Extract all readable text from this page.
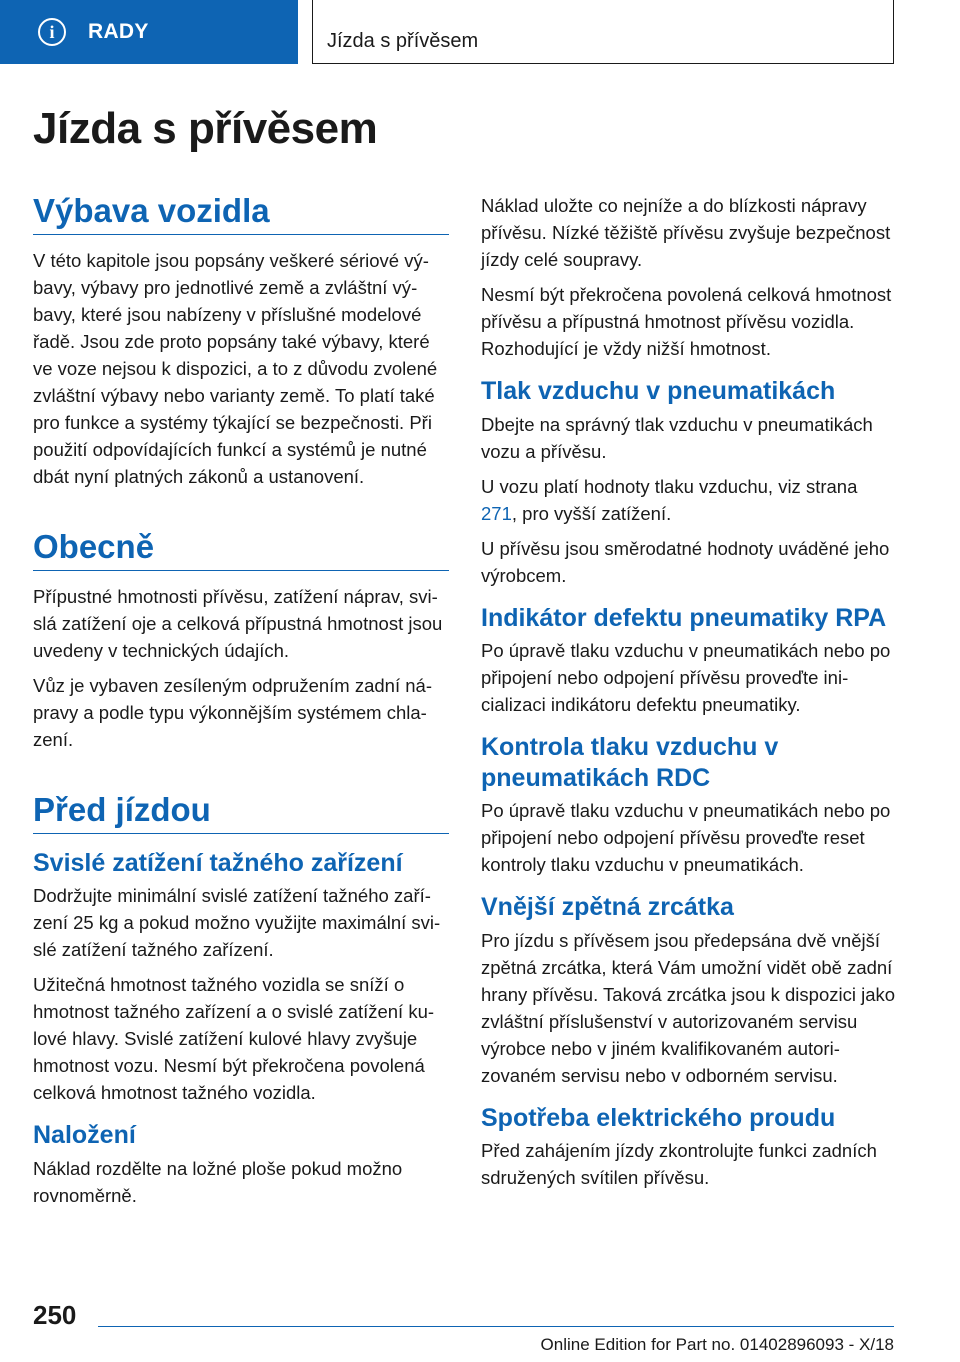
i	RADY	Jízda s přívěsem
Jízda s přívěsem
Výbava vozidla

V této kapitole jsou popsány veškeré sériové výbavy, výbavy pro jednotlivé země a zvláštní výbavy, které jsou nabízeny v příslušné modelové řadě. Jsou zde proto popsány také výbavy, které ve voze nejsou k dispozici, a to z důvodu zvolené zvláštní výbavy nebo varianty země. To platí také pro funkce a systémy týkající se bezpečnosti. Při použití odpovídajících funkcí a systémů je nutné dbát nyní platných zákonů a ustanovení.

Obecně

Přípustné hmotnosti přívěsu, zatížení náprav, svislá zatížení oje a celková přípustná hmotnost jsou uvedeny v technických údajích.

Vůz je vybaven zesíleným odpružením zadní nápravy a podle typu výkonnějším systémem chlazení.

Před jízdou
Svislé zatížení tažného zařízení

Dodržujte minimální svislé zatížení tažného zařízení 25 kg a pokud možno využijte maximální svislé zatížení tažného zařízení.

Užitečná hmotnost tažného vozidla se sníží o hmotnost tažného zařízení a o svislé zatížení kulové hlavy. Svislé zatížení kulové hlavy zvyšuje hmotnost vozu. Nesmí být překročena povolená celková hmotnost tažného vozidla.

Naložení

Náklad rozdělte na ložné ploše pokud možno rovnoměrně.

Náklad uložte co nejníže a do blízkosti nápravy přívěsu. Nízké těžiště přívěsu zvyšuje bezpečnost jízdy celé soupravy.

Nesmí být překročena povolená celková hmotnost přívěsu a přípustná hmotnost přívěsu vozidla. Rozhodující je vždy nižší hmotnost.

Tlak vzduchu v pneumatikách

Dbejte na správný tlak vzduchu v pneumatikách vozu a přívěsu.

U vozu platí hodnoty tlaku vzduchu, viz strana 271, pro vyšší zatížení.

U přívěsu jsou směrodatné hodnoty uváděné jeho výrobcem.

Indikátor defektu pneumatiky RPA

Po úpravě tlaku vzduchu v pneumatikách nebo po připojení nebo odpojení přívěsu proveďte inicializaci indikátoru defektu pneumatiky.

Kontrola tlaku vzduchu v pneumatikách RDC

Po úpravě tlaku vzduchu v pneumatikách nebo po připojení nebo odpojení přívěsu proveďte reset kontroly tlaku vzduchu v pneumatikách.

Vnější zpětná zrcátka

Pro jízdu s přívěsem jsou předepsána dvě vnější zpětná zrcátka, která Vám umožní vidět obě zadní hrany přívěsu. Taková zrcátka jsou k dispozici jako zvláštní příslušenství v autorizovaném servisu výrobce nebo v jiném kvalifikovaném autorizovaném servisu nebo v odborném servisu.

Spotřeba elektrického proudu

Před zahájením jízdy zkontrolujte funkci zadních sdružených svítilen přívěsu.

250
Online Edition for Part no. 01402896093 - X/18
